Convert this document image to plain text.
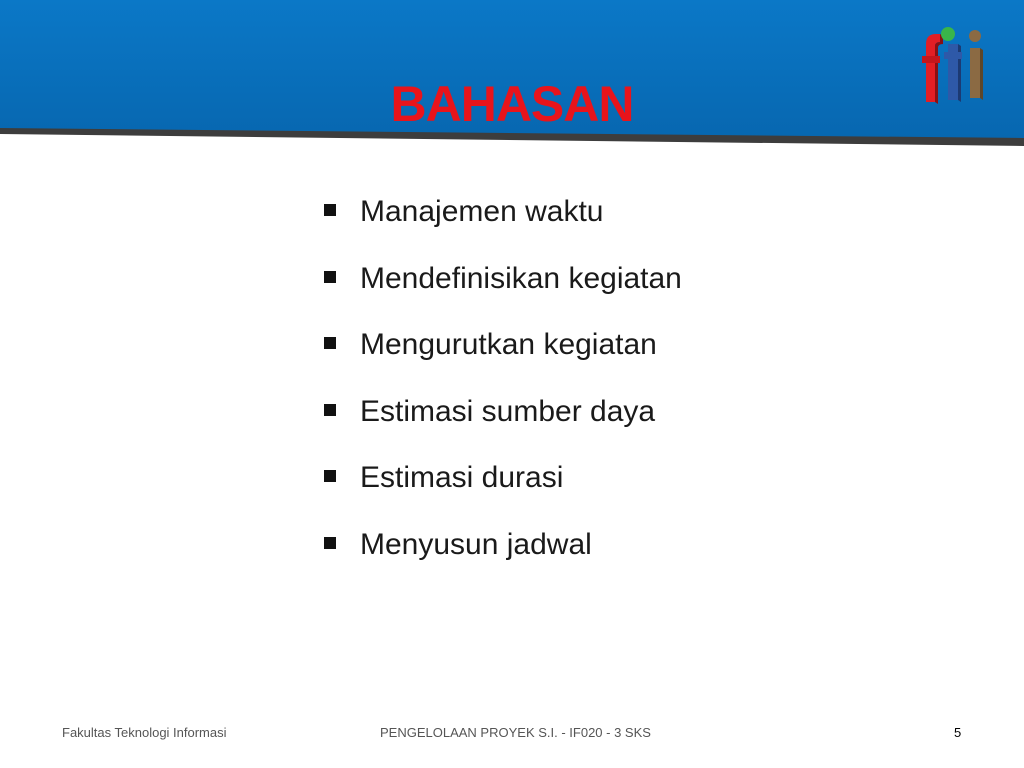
BAHASAN
Manajemen waktu
Mendefinisikan kegiatan
Mengurutkan kegiatan
Estimasi sumber daya
Estimasi durasi
Menyusun jadwal
Fakultas Teknologi Informasi	PENGELOLAAN PROYEK S.I. - IF020 - 3 SKS	5
